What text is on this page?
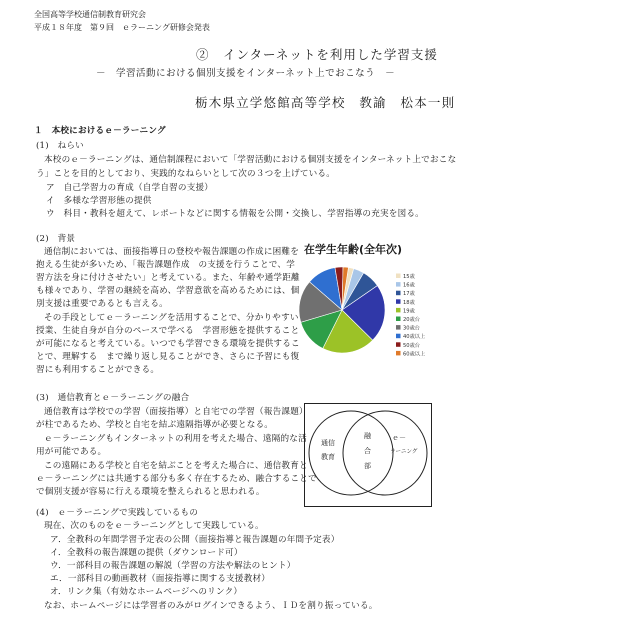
全国高等学校通信制教育研究会
平成１８年度　第９回　ｅラーニング研修会発表
②　インターネットを利用した学習支援
－　学習活動における個別支援をインターネット上でおこなう　－
栃木県立学悠館高等学校　教諭　松本一則
１　本校におけるｅ－ラーニング
(1)　ねらい
本校のｅ－ラーニングは、通信制課程において「学習活動における個別支援をインターネット上でおこな
う」ことを目的としており、実践的なねらいとして次の３つを上げている。
ア　自己学習力の育成（自学自習の支援）
イ　多様な学習形態の提供
ウ　科目・教科を超えて、レポートなどに関する情報を公開・交換し、学習指導の充実を図る。
(2)　背景
通信制においては、面接指導日の登校や報告課題の作成に困難を
抱える生徒が多いため、「報告課題作成　の支援を行うことで、学
習方法を身に付けさせたい」と考えている。また、年齢や通学距離
も様々であり、学習の継続を高め、学習意欲を高めるためには、個
別支援は重要であるとも言える。
その手段としてｅ－ラーニングを活用することで、分かりやすい
授業、生徒自身が自分のペースで学べる　学習形態を提供すること
が可能になると考えている。いつでも学習できる環境を提供するこ
とで、理解する　まで繰り返し見ることができ、さらに予習にも復
習にも利用することができる。
在学生年齢(全年次)
15歳
16歳
17歳
18歳
19歳
20歳台
30歳台
40歳以上
50歳台
60歳以上
(3)　通信教育とｅ－ラーニングの融合
通信教育は学校での学習（面接指導）と自宅での学習（報告課題）
が柱であるため、学校と自宅を結ぶ遠隔指導が必要となる。
ｅ－ラーニングもインターネットの利用を考えた場合、遠隔的な活
用が可能である。
この遠隔にある学校と自宅を結ぶことを考えた場合に、通信教育と
ｅ－ラーニングには共通する部分も多く存在するため、融合することで
で個別支援が容易に行える環境を整えられると思われる。
通信
教育
融
合
部
ｅ－
ラーニング
(4)　ｅ－ラーニングで実践しているもの
現在、次のものをｅ－ラーニングとして実践している。
ア．全教科の年間学習予定表の公開（面接指導と報告課題の年間予定表）
イ．全教科の報告課題の提供（ダウンロード可）
ウ．一部科目の報告課題の解説（学習の方法や解法のヒント）
エ．一部科目の動画教材（面接指導に関する支援教材）
オ．リンク集（有効なホームページへのリンク）
なお、ホームページには学習者のみがログインできるよう、ＩＤを割り振っている。
